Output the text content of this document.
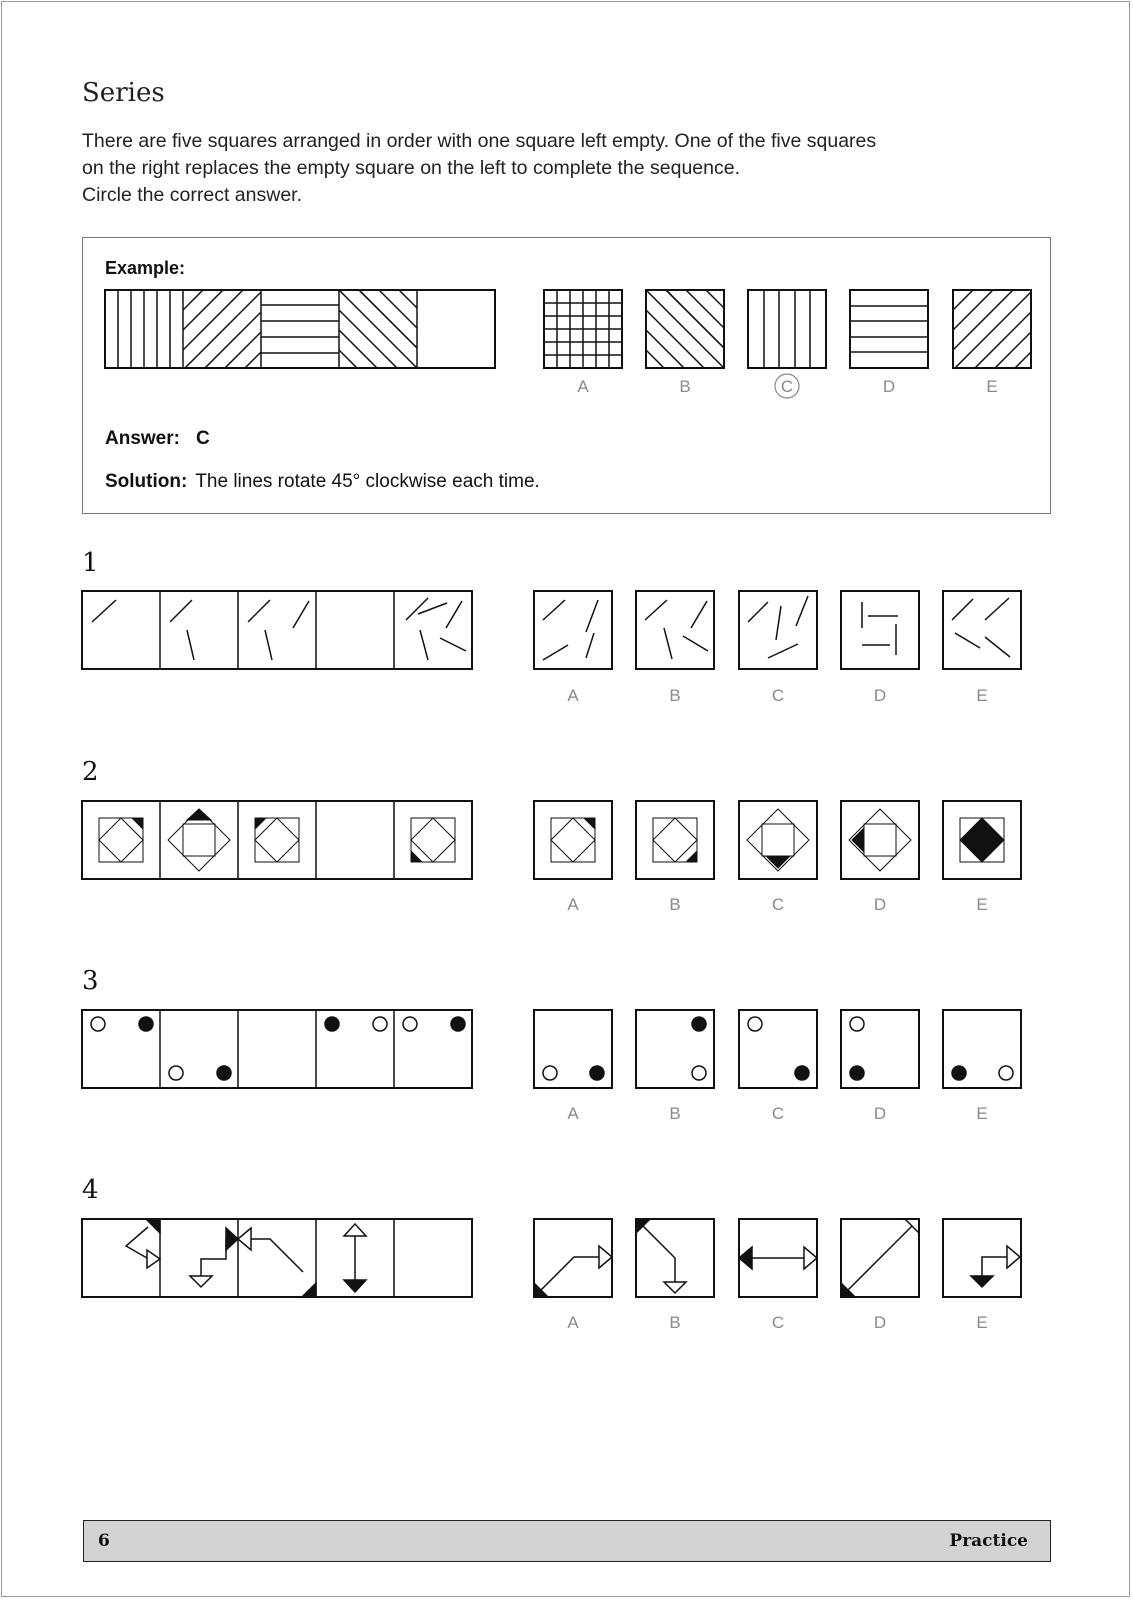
Series

There are five squares arranged in order with one square left empty. One of the five squares

on the right replaces the empty square on the left to complete the sequence.

Circle the correct answer.

Example:
Answer: C
Solution: The lines rotate 45° clockwise each time.
1
2
3
4
A	B	C	D	E
A	B	C	D	E
A	B	C	D	E
A	B	C	D	E
A	B	C	D	E
6	Practice
